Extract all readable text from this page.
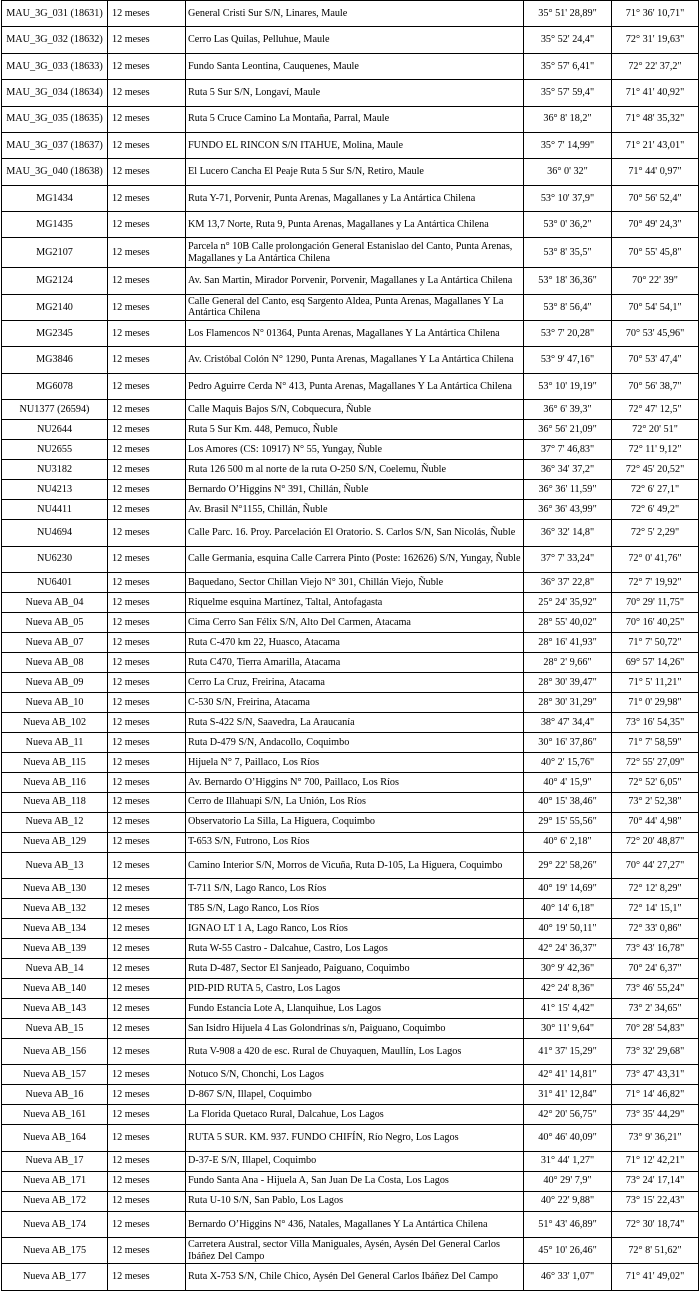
MAU_3G_031 (18631)	12 meses	General Cristi Sur S/N, Linares, Maule	35° 51' 28,89"	71° 36' 10,71"
MAU_3G_032 (18632)	12 meses	Cerro Las Quilas, Pelluhue, Maule	35° 52' 24,4"	72° 31' 19,63"
MAU_3G_033 (18633)	12 meses	Fundo Santa Leontina, Cauquenes, Maule	35° 57' 6,41"	72° 22' 37,2"
MAU_3G_034 (18634)	12 meses	Ruta 5 Sur S/N, Longaví, Maule	35° 57' 59,4"	71° 41' 40,92"
MAU_3G_035 (18635)	12 meses	Ruta 5 Cruce Camino La Montaña, Parral, Maule	36° 8' 18,2"	71° 48' 35,32"
MAU_3G_037 (18637)	12 meses	FUNDO EL RINCON S/N ITAHUE, Molina, Maule	35° 7' 14,99"	71° 21' 43,01"
MAU_3G_040 (18638)	12 meses	El Lucero Cancha El Peaje Ruta 5 Sur S/N, Retiro, Maule	36° 0' 32"	71° 44' 0,97"
MG1434	12 meses	Ruta Y-71, Porvenir, Punta Arenas, Magallanes y La Antártica Chilena	53° 10' 37,9"	70° 56' 52,4"
MG1435	12 meses	KM 13,7 Norte, Ruta 9, Punta Arenas, Magallanes y La Antártica Chilena	53° 0' 36,2"	70° 49' 24,3"
MG2107	12 meses	Parcela n° 10B Calle prolongación General Estanislao del Canto, Punta Arenas, Magallanes y La Antártica Chilena	53° 8' 35,5"	70° 55' 45,8"
MG2124	12 meses	Av. San Martin, Mirador Porvenir, Porvenir, Magallanes y La Antártica Chilena	53° 18' 36,36"	70° 22' 39"
MG2140	12 meses	Calle General del Canto, esq Sargento Aldea, Punta Arenas, Magallanes Y La Antártica Chilena	53° 8' 56,4"	70° 54' 54,1"
MG2345	12 meses	Los Flamencos N° 01364, Punta Arenas, Magallanes Y La Antártica Chilena	53° 7' 20,28"	70° 53' 45,96"
MG3846	12 meses	Av. Cristóbal Colón N° 1290, Punta Arenas, Magallanes Y La Antártica Chilena	53° 9' 47,16"	70° 53' 47,4"
MG6078	12 meses	Pedro Aguirre Cerda N° 413, Punta Arenas, Magallanes Y La Antártica Chilena	53° 10' 19,19"	70° 56' 38,7"
NU1377 (26594)	12 meses	Calle Maquis Bajos S/N, Cobquecura, Ñuble	36° 6' 39,3"	72° 47' 12,5"
NU2644	12 meses	Ruta 5 Sur Km. 448, Pemuco, Ñuble	36° 56' 21,09"	72° 20' 51"
NU2655	12 meses	Los Amores (CS: 10917) N° 55, Yungay, Ñuble	37° 7' 46,83"	72° 11' 9,12"
NU3182	12 meses	Ruta 126 500 m al norte de la ruta O-250 S/N, Coelemu, Ñuble	36° 34' 37,2"	72° 45' 20,52"
NU4213	12 meses	Bernardo O’Higgins N° 391, Chillán, Ñuble	36° 36' 11,59"	72° 6' 27,1"
NU4411	12 meses	Av. Brasil N°1155, Chillán, Ñuble	36° 36' 43,99"	72° 6' 49,2"
NU4694	12 meses	Calle Parc. 16. Proy. Parcelación El Oratorio. S. Carlos S/N, San Nicolás, Ñuble	36° 32' 14,8"	72° 5' 2,29"
NU6230	12 meses	Calle Germania, esquina Calle Carrera Pinto (Poste: 162626) S/N, Yungay, Ñuble	37° 7' 33,24"	72° 0' 41,76"
NU6401	12 meses	Baquedano, Sector Chillan Viejo N° 301, Chillán Viejo, Ñuble	36° 37' 22,8"	72° 7' 19,92"
Nueva AB_04	12 meses	Riquelme esquina Martínez, Taltal, Antofagasta	25° 24' 35,92"	70° 29' 11,75"
Nueva AB_05	12 meses	Cima Cerro San Félix S/N, Alto Del Carmen, Atacama	28° 55' 40,02"	70° 16' 40,25"
Nueva AB_07	12 meses	Ruta C-470 km 22, Huasco, Atacama	28° 16' 41,93"	71° 7' 50,72"
Nueva AB_08	12 meses	Ruta C470, Tierra Amarilla, Atacama	28° 2' 9,66"	69° 57' 14,26"
Nueva AB_09	12 meses	Cerro La Cruz, Freirina, Atacama	28° 30' 39,47"	71° 5' 11,21"
Nueva AB_10	12 meses	C-530 S/N, Freirina, Atacama	28° 30' 31,29"	71° 0' 29,98"
Nueva AB_102	12 meses	Ruta S-422 S/N, Saavedra, La Araucanía	38° 47' 34,4"	73° 16' 54,35"
Nueva AB_11	12 meses	Ruta D-479 S/N, Andacollo, Coquimbo	30° 16' 37,86"	71° 7' 58,59"
Nueva AB_115	12 meses	Hijuela N° 7, Paillaco, Los Ríos	40° 2' 15,76"	72° 55' 27,09"
Nueva AB_116	12 meses	Av. Bernardo O’Higgins N° 700, Paillaco, Los Ríos	40° 4' 15,9"	72° 52' 6,05"
Nueva AB_118	12 meses	Cerro de Illahuapi S/N, La Unión, Los Ríos	40° 15' 38,46"	73° 2' 52,38"
Nueva AB_12	12 meses	Observatorio La Silla, La Higuera, Coquimbo	29° 15' 55,56"	70° 44' 4,98"
Nueva AB_129	12 meses	T-653 S/N, Futrono, Los Ríos	40° 6' 2,18"	72° 20' 48,87"
Nueva AB_13	12 meses	Camino Interior S/N, Morros de Vicuña, Ruta D-105, La Higuera, Coquimbo	29° 22' 58,26"	70° 44' 27,27"
Nueva AB_130	12 meses	T-711 S/N, Lago Ranco, Los Ríos	40° 19' 14,69"	72° 12' 8,29"
Nueva AB_132	12 meses	T85 S/N, Lago Ranco, Los Ríos	40° 14' 6,18"	72° 14' 15,1"
Nueva AB_134	12 meses	IGNAO LT 1 A, Lago Ranco, Los Ríos	40° 19' 50,11"	72° 33' 0,86"
Nueva AB_139	12 meses	Ruta W-55 Castro - Dalcahue, Castro, Los Lagos	42° 24' 36,37"	73° 43' 16,78"
Nueva AB_14	12 meses	Ruta D-487, Sector El Sanjeado, Paiguano, Coquimbo	30° 9' 42,36"	70° 24' 6,37"
Nueva AB_140	12 meses	PID-PID RUTA 5, Castro, Los Lagos	42° 24' 8,36"	73° 46' 55,24"
Nueva AB_143	12 meses	Fundo Estancia Lote A, Llanquihue, Los Lagos	41° 15' 4,42"	73° 2' 34,65"
Nueva AB_15	12 meses	San Isidro Hijuela 4 Las Golondrinas s/n, Paiguano, Coquimbo	30° 11' 9,64"	70° 28' 54,83"
Nueva AB_156	12 meses	Ruta V-908 a 420 de esc. Rural de Chuyaquen, Maullín, Los Lagos	41° 37' 15,29"	73° 32' 29,68"
Nueva AB_157	12 meses	Notuco S/N, Chonchi, Los Lagos	42° 41' 14,81"	73° 47' 43,31"
Nueva AB_16	12 meses	D-867 S/N, Illapel, Coquimbo	31° 41' 12,84"	71° 14' 46,82"
Nueva AB_161	12 meses	La Florida Quetaco Rural, Dalcahue, Los Lagos	42° 20' 56,75"	73° 35' 44,29"
Nueva AB_164	12 meses	RUTA 5 SUR. KM. 937. FUNDO CHIFÍN, Río Negro, Los Lagos	40° 46' 40,09"	73° 9' 36,21"
Nueva AB_17	12 meses	D-37-E S/N, Illapel, Coquimbo	31° 44' 1,27"	71° 12' 42,21"
Nueva AB_171	12 meses	Fundo Santa Ana - Hijuela A, San Juan De La Costa, Los Lagos	40° 29' 7,9"	73° 24' 17,14"
Nueva AB_172	12 meses	Ruta U-10 S/N, San Pablo, Los Lagos	40° 22' 9,88"	73° 15' 22,43"
Nueva AB_174	12 meses	Bernardo O’Higgins N° 436, Natales, Magallanes Y La Antártica Chilena	51° 43' 46,89"	72° 30' 18,74"
Nueva AB_175	12 meses	Carretera Austral, sector Villa Maniguales, Aysén, Aysén Del General Carlos Ibáñez Del Campo	45° 10' 26,46"	72° 8' 51,62"
Nueva AB_177	12 meses	Ruta X-753 S/N, Chile Chico, Aysén Del General Carlos Ibáñez Del Campo	46° 33' 1,07"	71° 41' 49,02"
